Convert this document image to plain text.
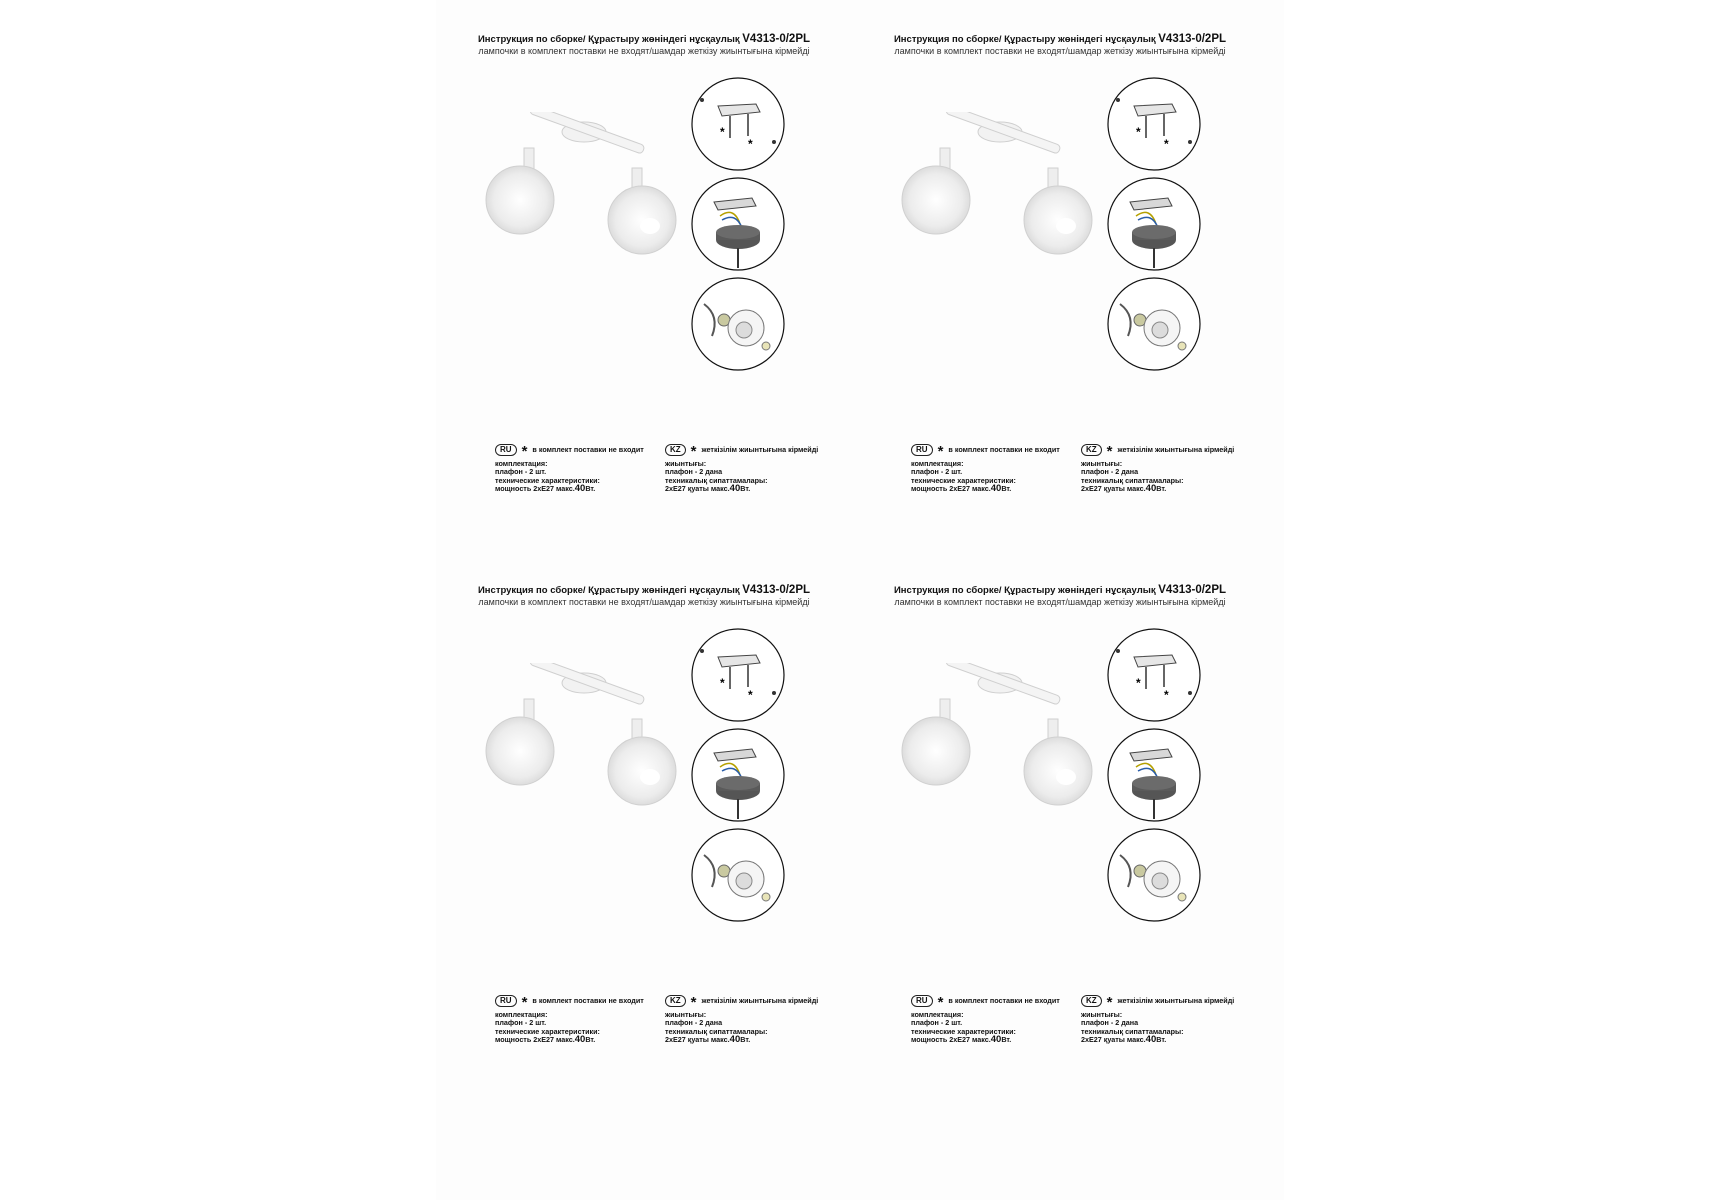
Инструкция по сборке/ Құрастыру жөніндегі нұсқаулық V4313-0/2PL
лампочки в комплект поставки не входят/шамдар жеткізу жиынтығына кірмейді
*
*
RU * в комплект поставки не входит
комплектация:
плафон - 2 шт.
технические характеристики:
мощность 2xE27 макс.40Вт.
KZ * жеткізілім жиынтығына кірмейді
жиынтығы:
плафон - 2 дана
техникалық сипаттамалары:
2xE27 қуаты макс.40Вт.
Инструкция по сборке/ Құрастыру жөніндегі нұсқаулық V4313-0/2PL
лампочки в комплект поставки не входят/шамдар жеткізу жиынтығына кірмейді
*
*
RU * в комплект поставки не входит
комплектация:
плафон - 2 шт.
технические характеристики:
мощность 2xE27 макс.40Вт.
KZ * жеткізілім жиынтығына кірмейді
жиынтығы:
плафон - 2 дана
техникалық сипаттамалары:
2xE27 қуаты макс.40Вт.
Инструкция по сборке/ Құрастыру жөніндегі нұсқаулық V4313-0/2PL
лампочки в комплект поставки не входят/шамдар жеткізу жиынтығына кірмейді
*
*
RU * в комплект поставки не входит
комплектация:
плафон - 2 шт.
технические характеристики:
мощность 2xE27 макс.40Вт.
KZ * жеткізілім жиынтығына кірмейді
жиынтығы:
плафон - 2 дана
техникалық сипаттамалары:
2xE27 қуаты макс.40Вт.
Инструкция по сборке/ Құрастыру жөніндегі нұсқаулық V4313-0/2PL
лампочки в комплект поставки не входят/шамдар жеткізу жиынтығына кірмейді
*
*
RU * в комплект поставки не входит
комплектация:
плафон - 2 шт.
технические характеристики:
мощность 2xE27 макс.40Вт.
KZ * жеткізілім жиынтығына кірмейді
жиынтығы:
плафон - 2 дана
техникалық сипаттамалары:
2xE27 қуаты макс.40Вт.
